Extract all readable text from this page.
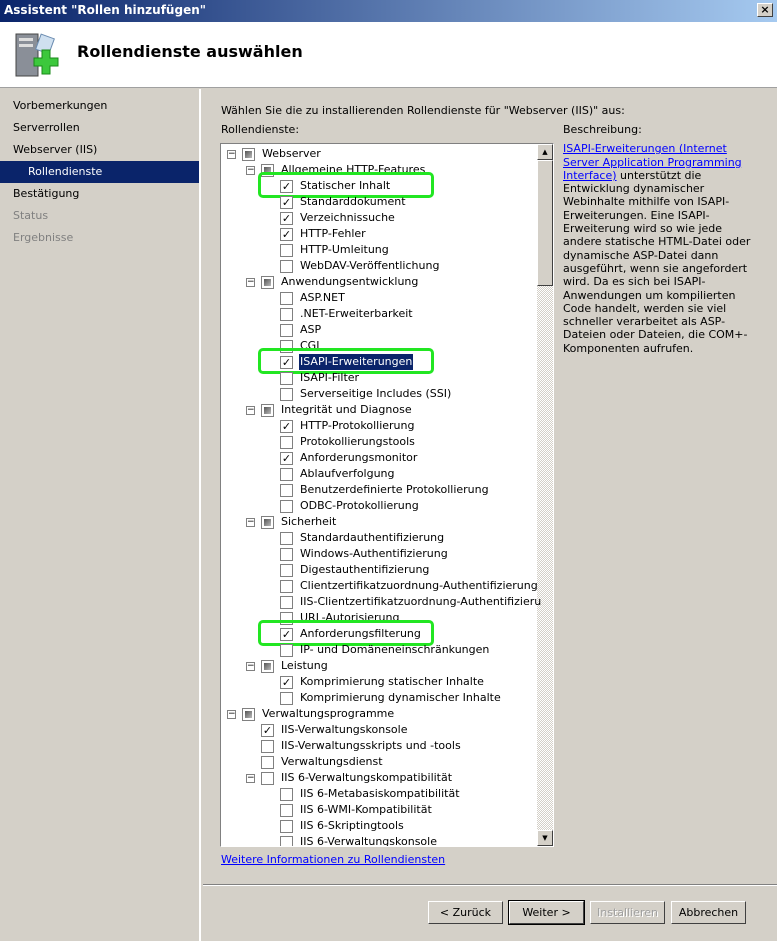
Assistent "Rollen hinzufügen"	×
Rollendienste auswählen
Vorbemerkungen
Serverrollen
Webserver (IIS)
Rollendienste
Bestätigung
Status
Ergebnisse
Wählen Sie die zu installierenden Rollendienste für "Webserver (IIS)" aus:
Rollendienste:
▲
▼
− Webserver
− Allgemeine HTTP-Features
✓ Statischer Inhalt
✓ Standarddokument
✓ Verzeichnissuche
✓ HTTP-Fehler
HTTP-Umleitung
WebDAV-Veröffentlichung
− Anwendungsentwicklung
ASP.NET
.NET-Erweiterbarkeit
ASP
CGI
✓ ISAPI-Erweiterungen
ISAPI-Filter
Serverseitige Includes (SSI)
− Integrität und Diagnose
✓ HTTP-Protokollierung
Protokollierungstools
✓ Anforderungsmonitor
Ablaufverfolgung
Benutzerdefinierte Protokollierung
ODBC-Protokollierung
− Sicherheit
Standardauthentifizierung
Windows-Authentifizierung
Digestauthentifizierung
Clientzertifikatzuordnung-Authentifizierung
IIS-Clientzertifikatzuordnung-Authentifizieru
URL-Autorisierung
✓ Anforderungsfilterung
IP- und Domäneneinschränkungen
− Leistung
✓ Komprimierung statischer Inhalte
Komprimierung dynamischer Inhalte
− Verwaltungsprogramme
✓ IIS-Verwaltungskonsole
IIS-Verwaltungsskripts und -tools
Verwaltungsdienst
− IIS 6-Verwaltungskompatibilität
IIS 6-Metabasiskompatibilität
IIS 6-WMI-Kompatibilität
IIS 6-Skriptingtools
IIS 6-Verwaltungskonsole
Weitere Informationen zu Rollendiensten
Beschreibung:
ISAPI-Erweiterungen (Internet Server Application Programming Interface) unterstützt die Entwicklung dynamischer Webinhalte mithilfe von ISAPI-Erweiterungen. Eine ISAPI-Erweiterung wird so wie jede andere statische HTML-Datei oder dynamische ASP-Datei dann ausgeführt, wenn sie angefordert wird. Da es sich bei ISAPI-Anwendungen um kompilierten Code handelt, werden sie viel schneller verarbeitet als ASP-Dateien oder Dateien, die COM+-Komponenten aufrufen.
< Zurück	Weiter >	Installieren	Abbrechen
